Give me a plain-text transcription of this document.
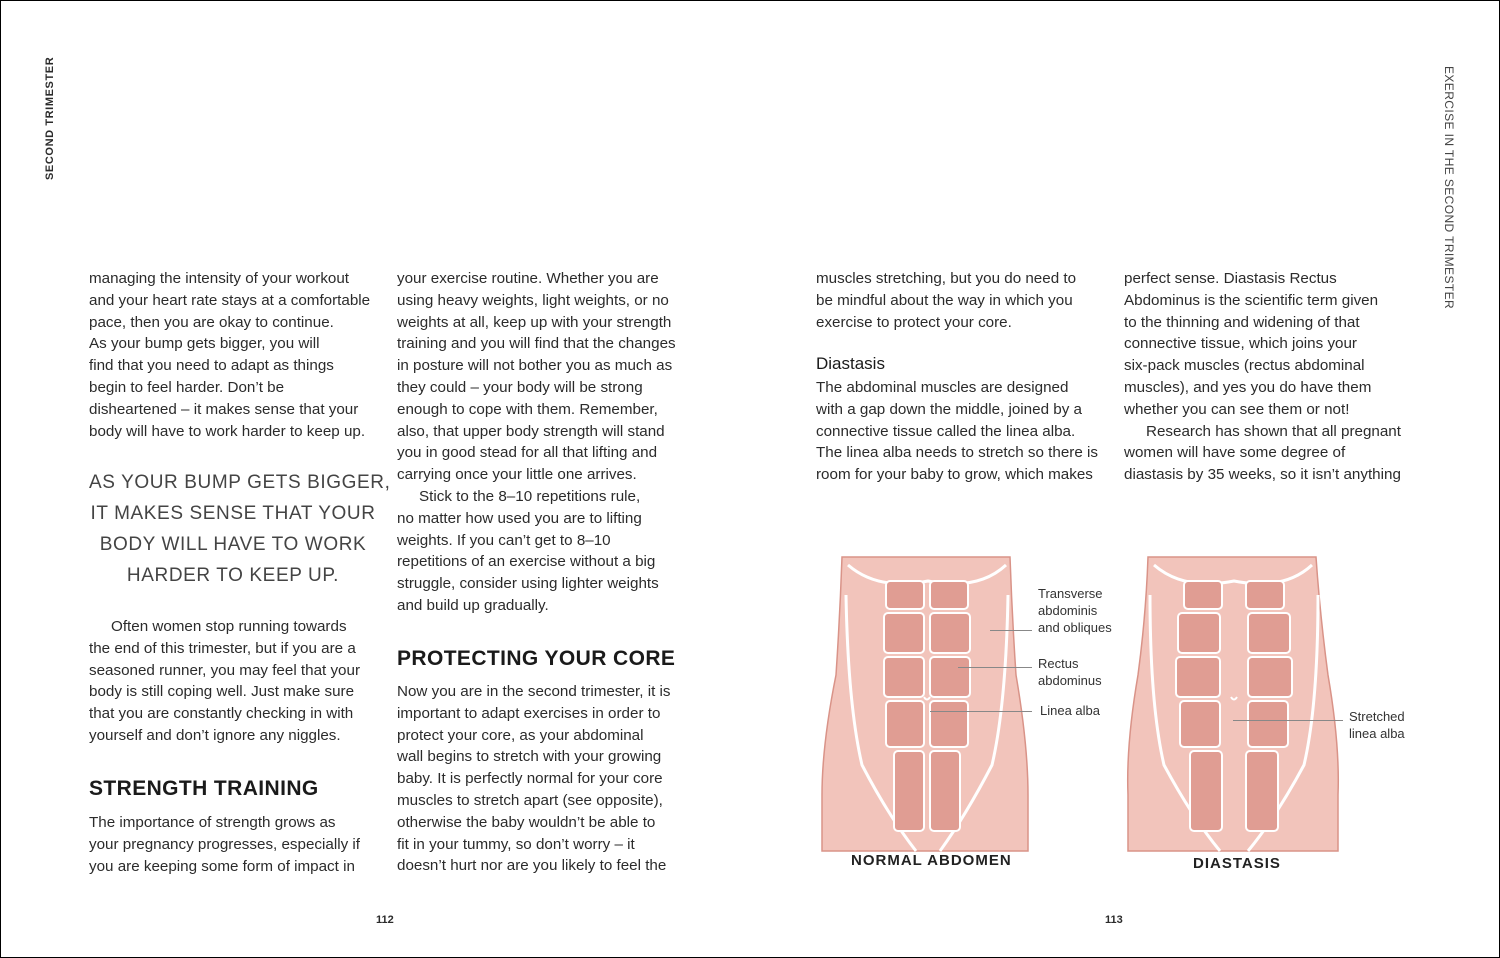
SECOND TRIMESTER	EXERCISE IN THE SECOND TRIMESTER

managing the intensity of your workout

and your heart rate stays at a comfortable

pace, then you are okay to continue.

As your bump gets bigger, you will

find that you need to adapt as things

begin to feel harder. Don’t be

disheartened – it makes sense that your

body will have to work harder to keep up.

AS YOUR BUMP GETS BIGGER,
IT MAKES SENSE THAT YOUR
BODY WILL HAVE TO WORK
HARDER TO KEEP UP.

Often women stop running towards

the end of this trimester, but if you are a

seasoned runner, you may feel that your

body is still coping well. Just make sure

that you are constantly checking in with

yourself and don’t ignore any niggles.

STRENGTH TRAINING

The importance of strength grows as

your pregnancy progresses, especially if

you are keeping some form of impact in

your exercise routine. Whether you are

using heavy weights, light weights, or no

weights at all, keep up with your strength

training and you will find that the changes

in posture will not bother you as much as

they could – your body will be strong

enough to cope with them. Remember,

also, that upper body strength will stand

you in good stead for all that lifting and

carrying once your little one arrives.

Stick to the 8–10 repetitions rule,

no matter how used you are to lifting

weights. If you can’t get to 8–10

repetitions of an exercise without a big

struggle, consider using lighter weights

and build up gradually.

PROTECTING YOUR CORE

Now you are in the second trimester, it is

important to adapt exercises in order to

protect your core, as your abdominal

wall begins to stretch with your growing

baby. It is perfectly normal for your core

muscles to stretch apart (see opposite),

otherwise the baby wouldn’t be able to

fit in your tummy, so don’t worry – it

doesn’t hurt nor are you likely to feel the

muscles stretching, but you do need to

be mindful about the way in which you

exercise to protect your core.

Diastasis

The abdominal muscles are designed

with a gap down the middle, joined by a

connective tissue called the linea alba.

The linea alba needs to stretch so there is

room for your baby to grow, which makes

perfect sense. Diastasis Rectus

Abdominus is the scientific term given

to the thinning and widening of that

connective tissue, which joins your

six-pack muscles (rectus abdominal

muscles), and yes you do have them

whether you can see them or not!

Research has shown that all pregnant

women will have some degree of

diastasis by 35 weeks, so it isn’t anything

Transverse
abdominis
and obliques
Rectus
abdominus
Linea alba	Stretched
linea alba
NORMAL ABDOMEN	DIASTASIS
112	113
